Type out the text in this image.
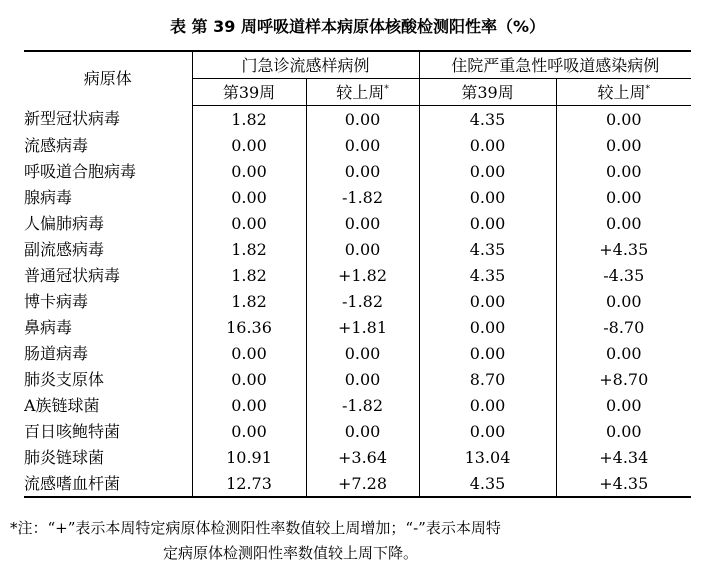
表 第 39 周呼吸道样本病原体核酸检测阳性率（%）
病原体	门急诊流感样病例		住院严重急性呼吸道感染病例	
	第39周	较上周*	第39周	较上周*
新型冠状病毒	1.82	0.00	4.35	0.00
流感病毒	0.00	0.00	0.00	0.00
呼吸道合胞病毒	0.00	0.00	0.00	0.00
腺病毒	0.00	-1.82	0.00	0.00
人偏肺病毒	0.00	0.00	0.00	0.00
副流感病毒	1.82	0.00	4.35	+4.35
普通冠状病毒	1.82	+1.82	4.35	-4.35
博卡病毒	1.82	-1.82	0.00	0.00
鼻病毒	16.36	+1.81	0.00	-8.70
肠道病毒	0.00	0.00	0.00	0.00
肺炎支原体	0.00	0.00	8.70	+8.70
A族链球菌	0.00	-1.82	0.00	0.00
百日咳鲍特菌	0.00	0.00	0.00	0.00
肺炎链球菌	10.91	+3.64	13.04	+4.34
流感嗜血杆菌	12.73	+7.28	4.35	+4.35
*注：“+”表示本周特定病原体检测阳性率数值较上周增加；“-”表示本周特
定病原体检测阳性率数值较上周下降。
